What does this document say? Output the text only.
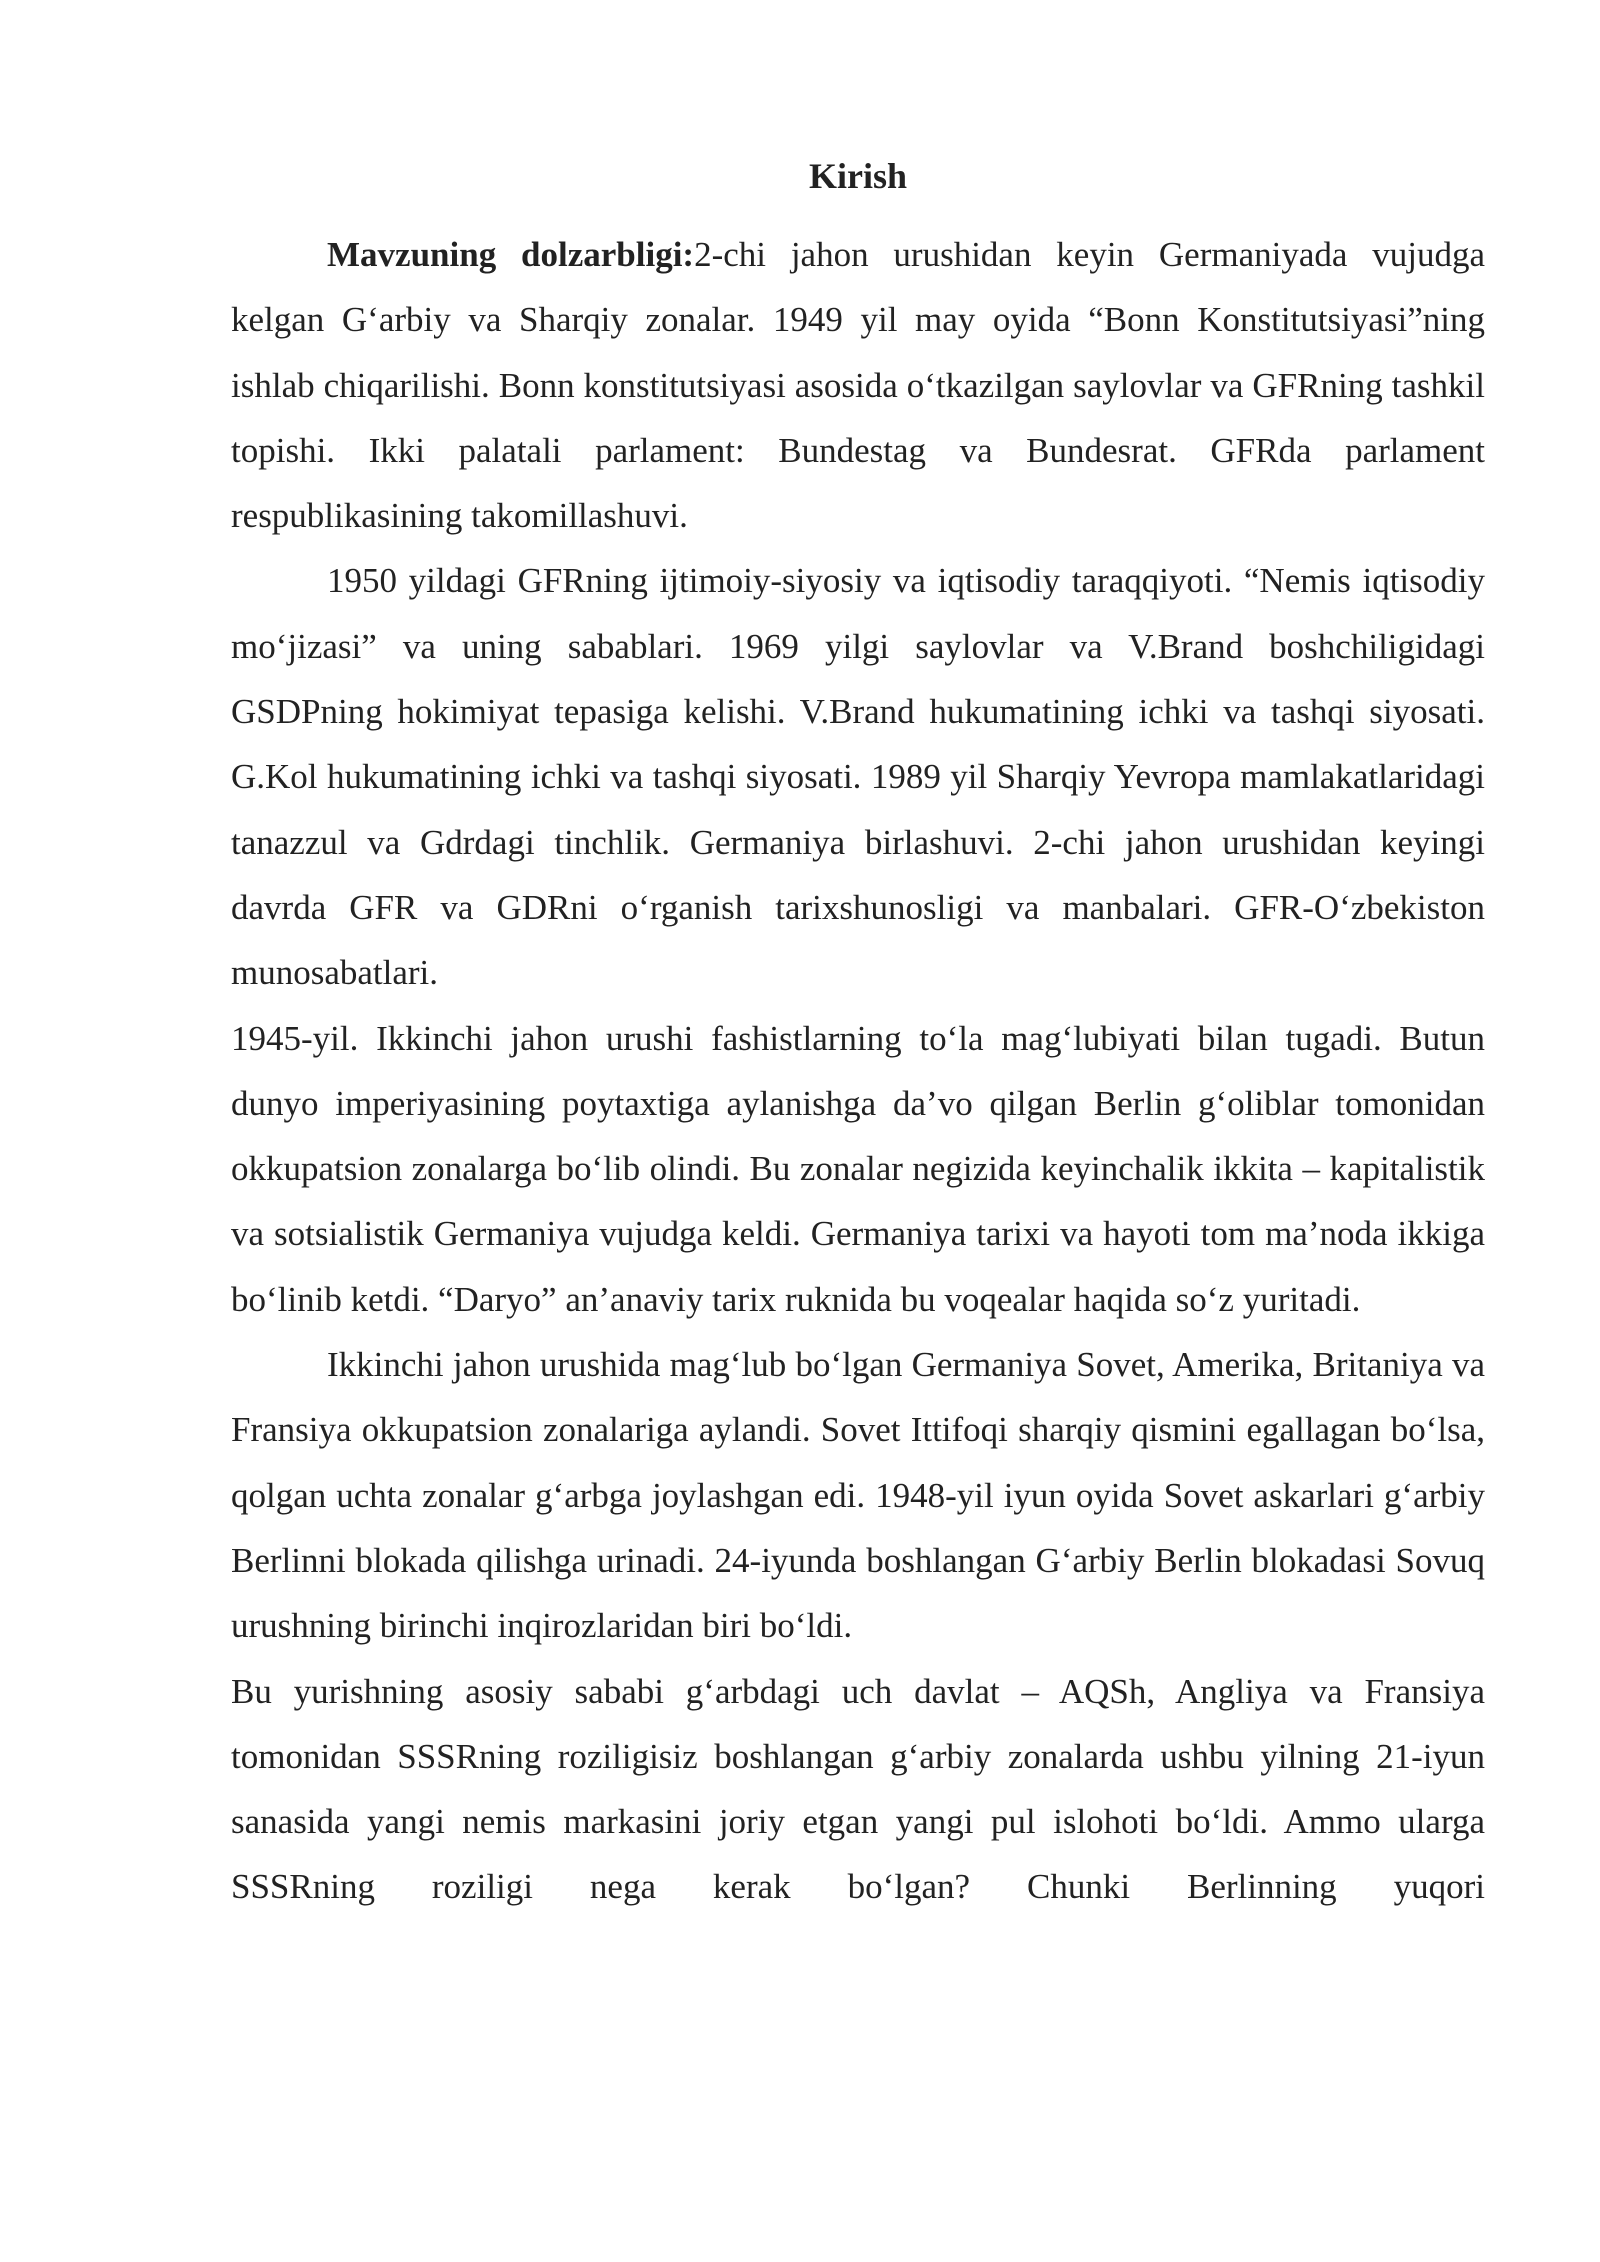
Kirish

Mavzuning dolzarbligi:2-chi jahon urushidan keyin Germaniyada vujudga kelgan G‘arbiy va Sharqiy zonalar. 1949 yil may oyida “Bonn Konstitutsiyasi”ning ishlab chiqarilishi. Bonn konstitutsiyasi asosida o‘tkazilgan saylovlar va GFRning tashkil topishi. Ikki palatali parlament: Bundestag va Bundesrat. GFRda parlament respublikasining takomillashuvi.

1950 yildagi GFRning ijtimoiy-siyosiy va iqtisodiy taraqqiyoti. “Nemis iqtisodiy mo‘jizasi” va uning sabablari. 1969 yilgi saylovlar va V.Brand boshchiligidagi GSDPning hokimiyat tepasiga kelishi. V.Brand hukumatining ichki va tashqi siyosati. G.Kol hukumatining ichki va tashqi siyosati. 1989 yil Sharqiy Yevropa mamlakatlaridagi tanazzul va Gdrdagi tinchlik. Germaniya birlashuvi. 2-chi jahon urushidan keyingi davrda GFR va GDRni o‘rganish tarixshunosligi va manbalari. GFR-O‘zbekiston munosabatlari.

1945-yil. Ikkinchi jahon urushi fashistlarning to‘la mag‘lubiyati bilan tugadi. Butun dunyo imperiyasining poytaxtiga aylanishga da’vo qilgan Berlin g‘oliblar tomonidan okkupatsion zonalarga bo‘lib olindi. Bu zonalar negizida keyinchalik ikkita – kapitalistik va sotsialistik Germaniya vujudga keldi. Germaniya tarixi va hayoti tom ma’noda ikkiga bo‘linib ketdi. “Daryo” an’anaviy tarix ruknida bu voqealar haqida so‘z yuritadi.

Ikkinchi jahon urushida mag‘lub bo‘lgan Germaniya Sovet, Amerika, Britaniya va Fransiya okkupatsion zonalariga aylandi. Sovet Ittifoqi sharqiy qismini egallagan bo‘lsa, qolgan uchta zonalar g‘arbga joylashgan edi. 1948-yil iyun oyida Sovet askarlari g‘arbiy Berlinni blokada qilishga urinadi. 24-iyunda boshlangan G‘arbiy Berlin blokadasi Sovuq urushning birinchi inqirozlaridan biri bo‘ldi.

Bu yurishning asosiy sababi g‘arbdagi uch davlat – AQSh, Angliya va Fransiya tomonidan SSSRning roziligisiz boshlangan g‘arbiy zonalarda ushbu yilning 21-iyun sanasida yangi nemis markasini joriy etgan yangi pul islohoti bo‘ldi. Ammo ularga SSSRning roziligi nega kerak bo‘lgan? Chunki Berlinning yuqori
